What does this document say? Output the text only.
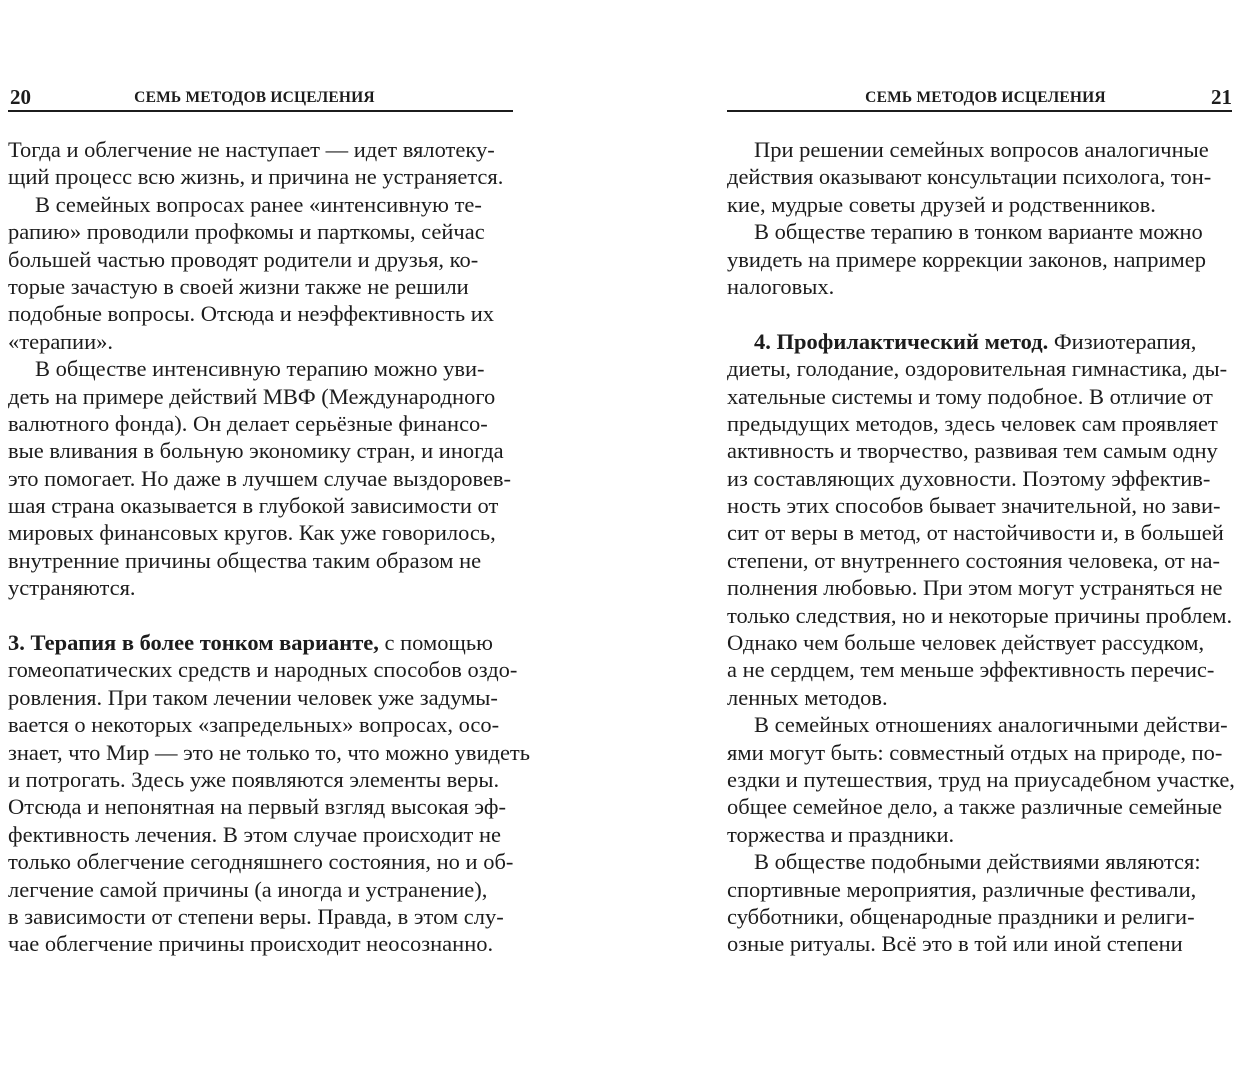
20	СЕМЬ МЕТОДОВ ИСЦЕЛЕНИЯ
Тогда и облегчение не наступает — идет вялотеку-
щий процесс всю жизнь, и причина не устраняется.
В семейных вопросах ранее «интенсивную те-
рапию» проводили профкомы и парткомы, сейчас
большей частью проводят родители и друзья, ко-
торые зачастую в своей жизни также не решили
подобные вопросы. Отсюда и неэффективность их
«терапии».
В обществе интенсивную терапию можно уви-
деть на примере действий МВФ (Международного
валютного фонда). Он делает серьёзные финансо-
вые вливания в больную экономику стран, и иногда
это помогает. Но даже в лучшем случае выздоровев-
шая страна оказывается в глубокой зависимости от
мировых финансовых кругов. Как уже говорилось,
внутренние причины общества таким образом не
устраняются.
3. Терапия в более тонком варианте, с помощью
гомеопатических средств и народных способов оздо-
ровления. При таком лечении человек уже задумы-
вается о некоторых «запредельных» вопросах, осо-
знает, что Мир — это не только то, что можно увидеть
и потрогать. Здесь уже появляются элементы веры.
Отсюда и непонятная на первый взгляд высокая эф-
фективность лечения. В этом случае происходит не
только облегчение сегодняшнего состояния, но и об-
легчение самой причины (а иногда и устранение),
в зависимости от степени веры. Правда, в этом слу-
чае облегчение причины происходит неосознанно.
СЕМЬ МЕТОДОВ ИСЦЕЛЕНИЯ	21
При решении семейных вопросов аналогичные
действия оказывают консультации психолога, тон-
кие, мудрые советы друзей и родственников.
В обществе терапию в тонком варианте можно
увидеть на примере коррекции законов, например
налоговых.
4. Профилактический метод. Физиотерапия,
диеты, голодание, оздоровительная гимнастика, ды-
хательные системы и тому подобное. В отличие от
предыдущих методов, здесь человек сам проявляет
активность и творчество, развивая тем самым одну
из составляющих духовности. Поэтому эффектив-
ность этих способов бывает значительной, но зави-
сит от веры в метод, от настойчивости и, в большей
степени, от внутреннего состояния человека, от на-
полнения любовью. При этом могут устраняться не
только следствия, но и некоторые причины проблем.
Однако чем больше человек действует рассудком,
а не сердцем, тем меньше эффективность перечис-
ленных методов.
В семейных отношениях аналогичными действи-
ями могут быть: совместный отдых на природе, по-
ездки и путешествия, труд на приусадебном участке,
общее семейное дело, а также различные семейные
торжества и праздники.
В обществе подобными действиями являются:
спортивные мероприятия, различные фестивали,
субботники, общенародные праздники и религи-
озные ритуалы. Всё это в той или иной степени
